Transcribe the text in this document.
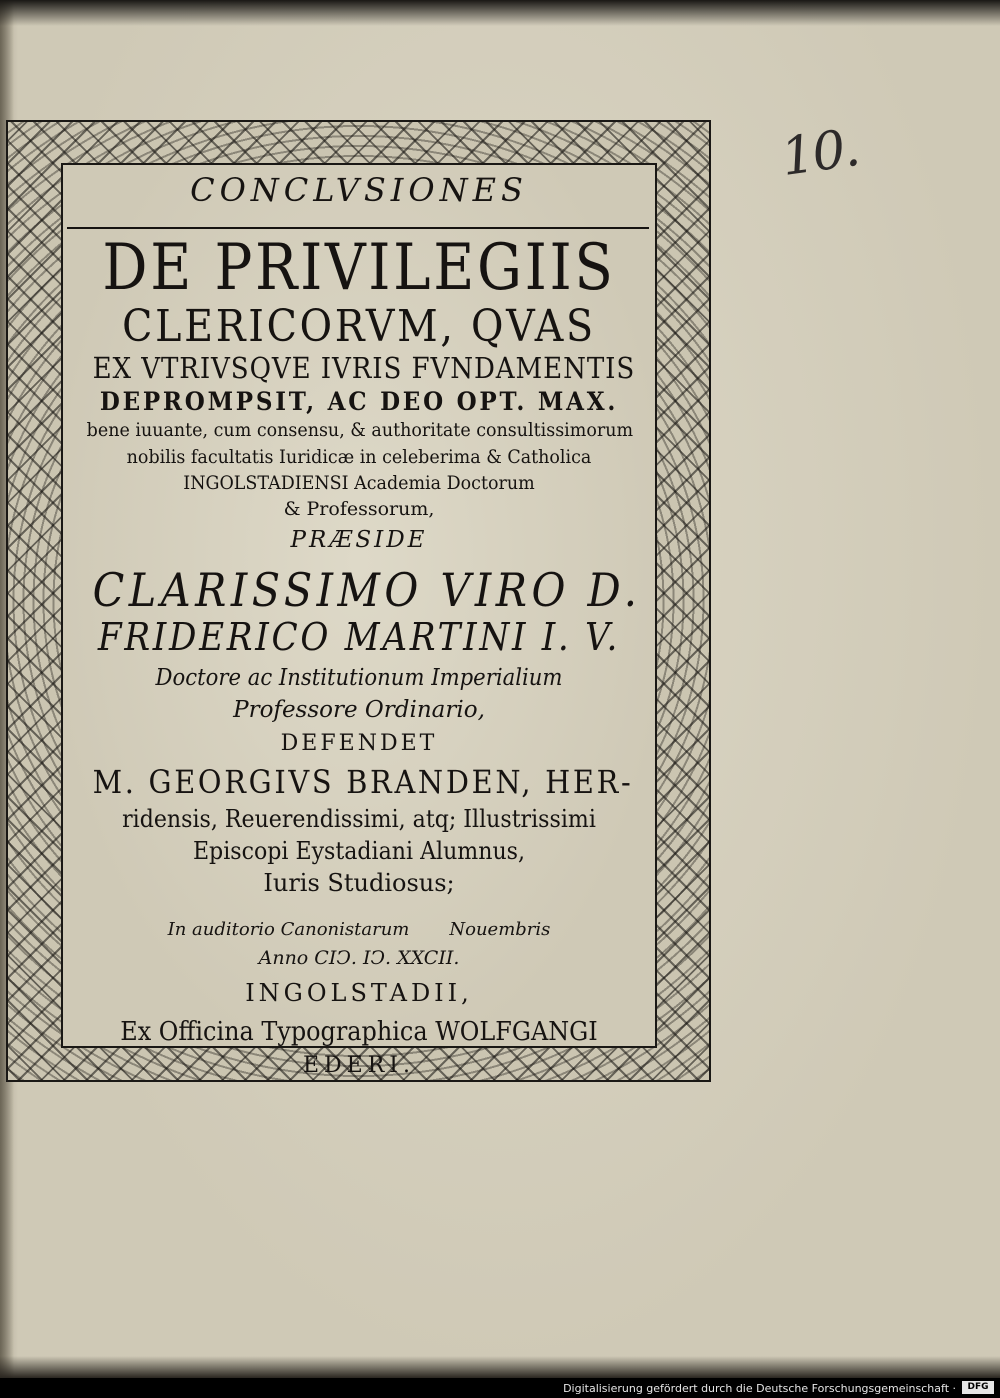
10.
CONCLVSIONES
DE PRIVILEGIIS
CLERICORVM, QVAS
EX VTRIVSQVE IVRIS FVNDAMENTIS
DEPROMPSIT, AC DEO OPT. MAX.
bene iuuante, cum consensu, & authoritate consultissimorum
nobilis facultatis Iuridicæ in celeberima & Catholica
INGOLSTADIENSI Academia Doctorum
& Professorum,
PRÆSIDE
CLARISSIMO VIRO D.
FRIDERICO MARTINI I. V.
Doctore ac Institutionum Imperialium
Professore Ordinario,
DEFENDET
M. GEORGIVS BRANDEN, HER-
ridensis, Reuerendissimi, atq; Illustrissimi
Episcopi Eystadiani Alumnus,
Iuris Studiosus;
In auditorio Canonistarum Nouembris
Anno CIↃ. IↃ. XXCII.
INGOLSTADII,
Ex Officina Typographica WOLFGANGI
EDERI.
Digitalisierung gefördert durch die Deutsche Forschungsgemeinschaft ·	DFG
